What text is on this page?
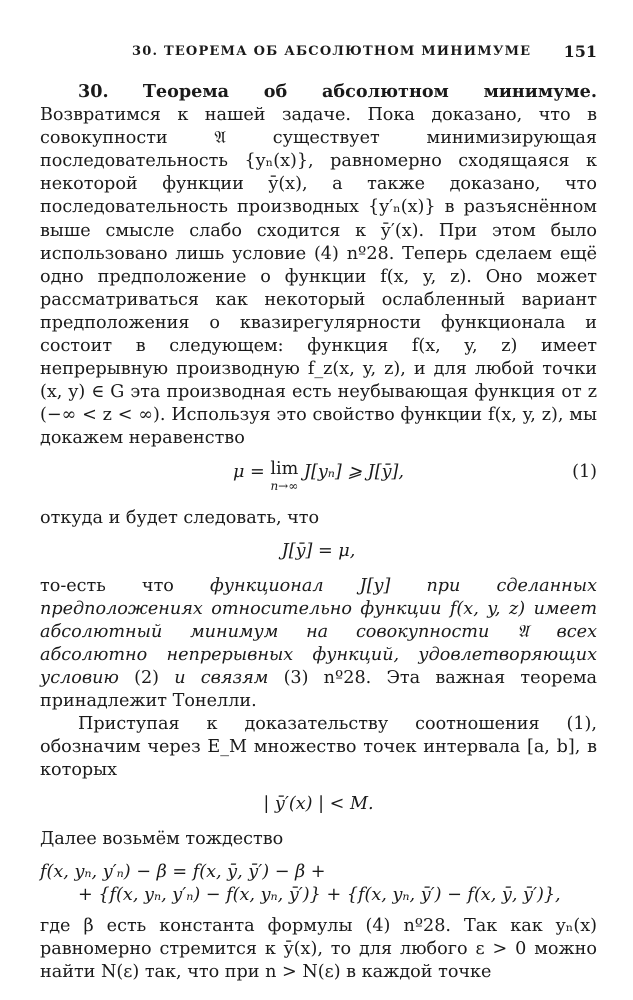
30. ТЕОРЕМА ОБ АБСОЛЮТНОМ МИНИМУМЕ 151

30. Теорема об абсолютном минимуме. Возвратимся к нашей задаче. Пока доказано, что в совокупности 𝔄 существует минимизирующая последовательность {yₙ(x)}, равномерно сходящаяся к некоторой функции ȳ(x), а также доказано, что последовательность производных {y′ₙ(x)} в разъяснённом выше смысле слабо сходится к ȳ′(x). При этом было использовано лишь условие (4) nº28. Теперь сделаем ещё одно предположение о функции f(x, y, z). Оно может рассматриваться как некоторый ослабленный вариант предположения о квазирегулярности функционала и состоит в следующем: функция f(x, y, z) имеет непрерывную производную f_z(x, y, z), и для любой точки (x, y) ∈ G эта производная есть неубывающая функция от z (−∞ < z < ∞). Используя это свойство функции f(x, y, z), мы докажем неравенство

μ = lim
n→∞
J[yₙ] ⩾ J[ȳ],	(1)

откуда и будет следовать, что

J[ȳ] = μ,

то-есть что функционал J[y] при сделанных предположениях относительно функции f(x, y, z) имеет абсолютный минимум на совокупности 𝔄 всех абсолютно непрерывных функций, удовлетворяющих условию (2) и связям (3) nº28. Эта важная теорема принадлежит Тонелли.

Приступая к доказательству соотношения (1), обозначим через E_M множество точек интервала [a, b], в которых

| ȳ′(x) | < M.

Далее возьмём тождество

f(x, yₙ, y′ₙ) − β = f(x, ȳ, ȳ′) − β +
+ {f(x, yₙ, y′ₙ) − f(x, yₙ, ȳ′)} + {f(x, yₙ, ȳ′) − f(x, ȳ, ȳ′)},

где β есть константа формулы (4) nº28. Так как yₙ(x) равномерно стремится к ȳ(x), то для любого ε > 0 можно найти N(ε) так, что при n > N(ε) в каждой точке
